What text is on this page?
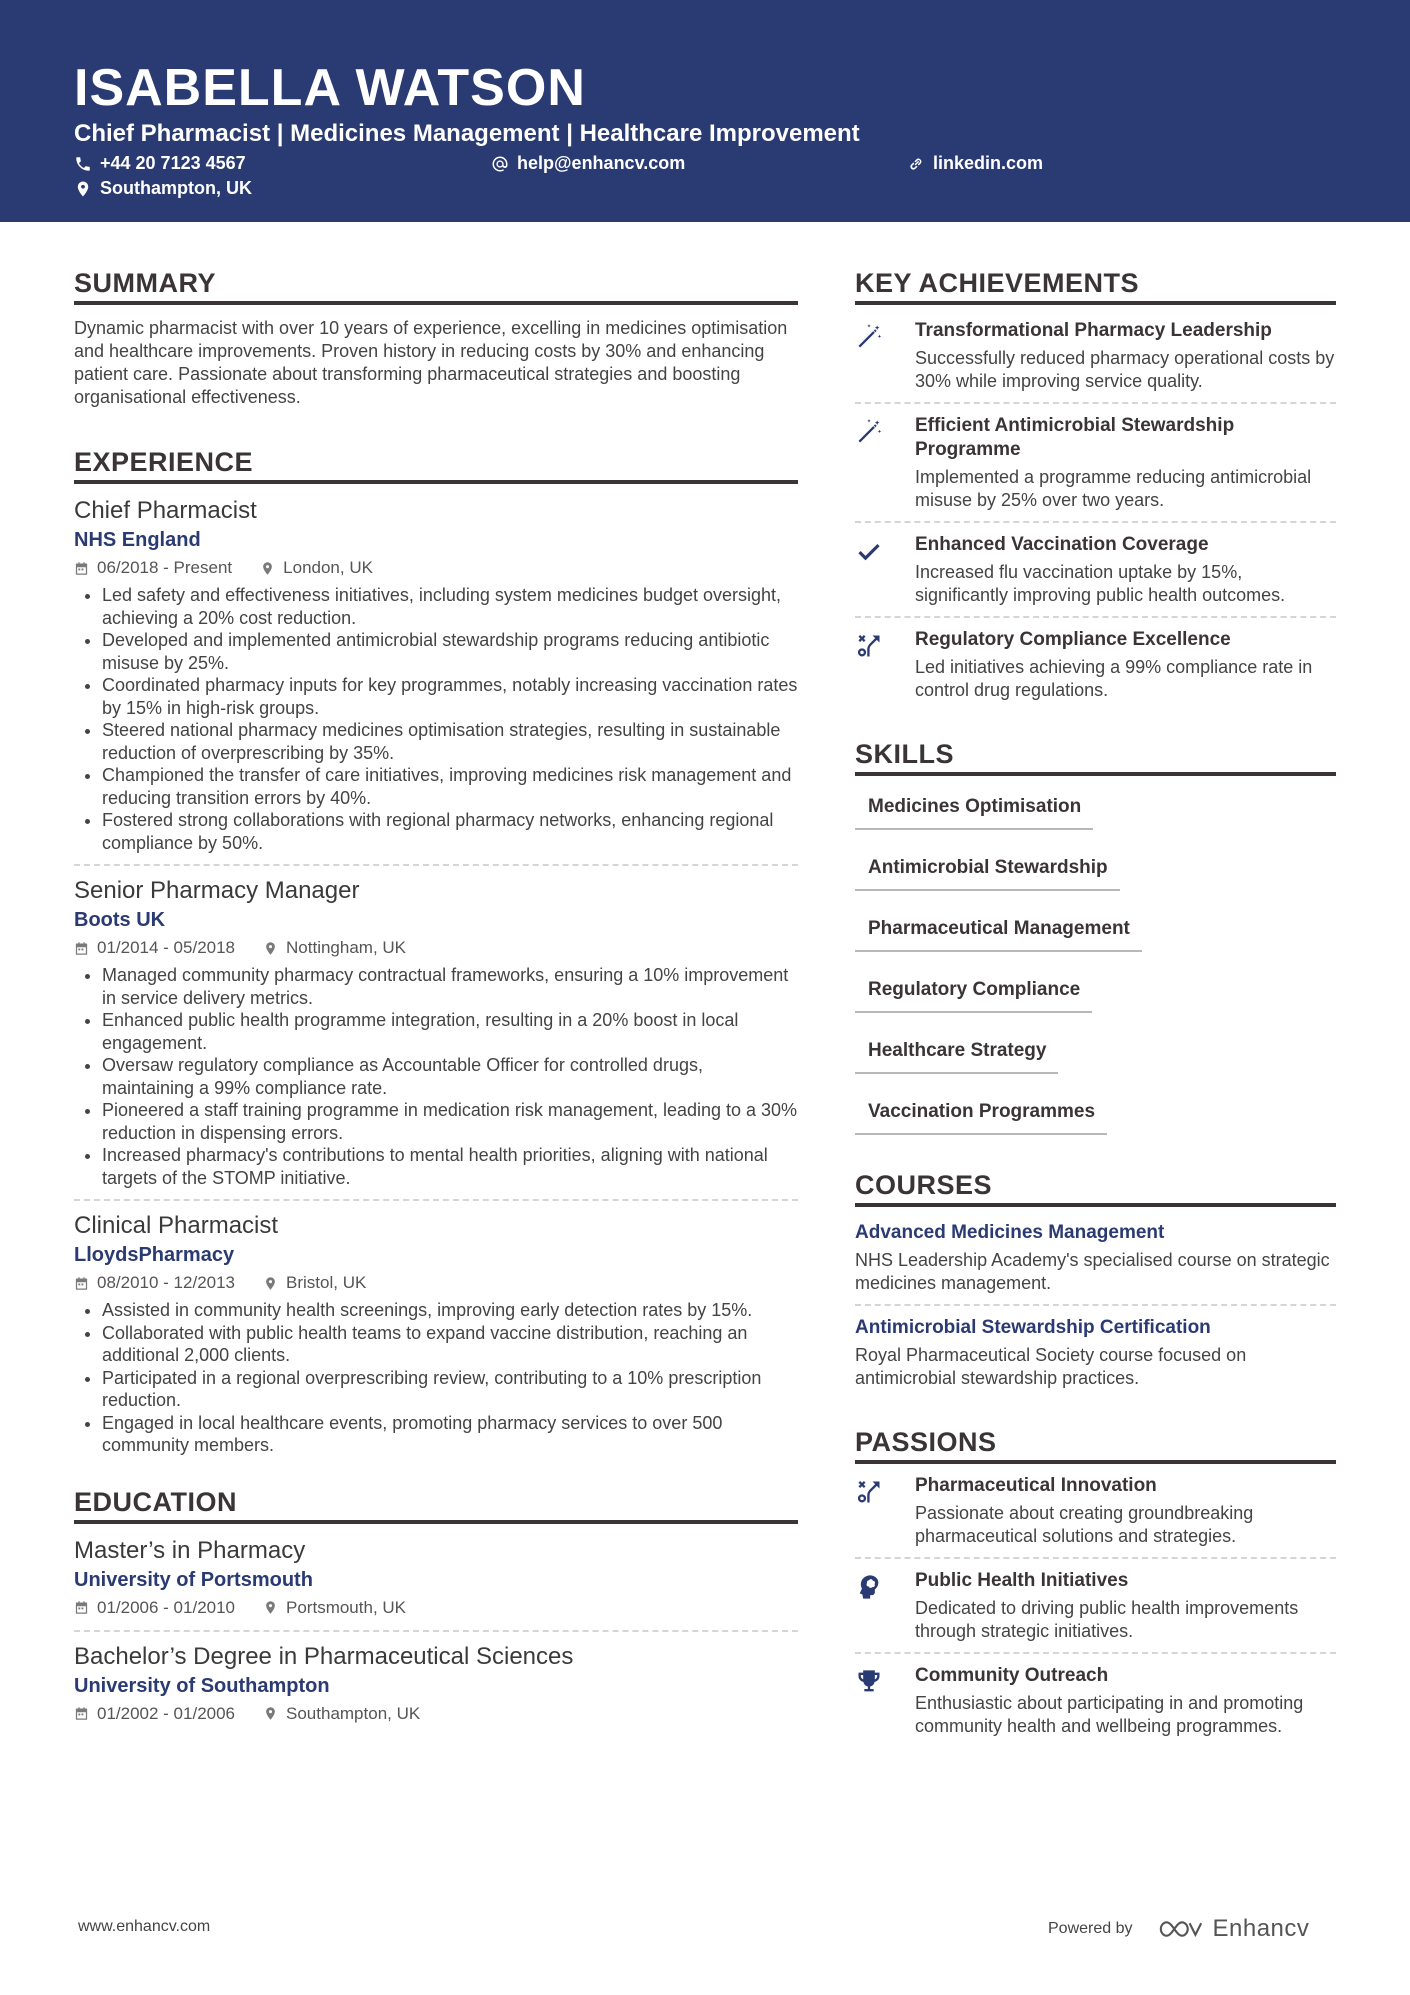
ISABELLA WATSON
Chief Pharmacist | Medicines Management | Healthcare Improvement
+44 20 7123 4567	help@enhancv.com	linkedin.com
Southampton, UK
SUMMARY
Dynamic pharmacist with over 10 years of experience, excelling in medicines optimisation and healthcare improvements. Proven history in reducing costs by 30% and enhancing patient care. Passionate about transforming pharmaceutical strategies and boosting organisational effectiveness.
EXPERIENCE
Chief Pharmacist
NHS England
06/2018 - Present	London, UK
• Led safety and effectiveness initiatives, including system medicines budget oversight, achieving a 20% cost reduction.
• Developed and implemented antimicrobial stewardship programs reducing antibiotic misuse by 25%.
• Coordinated pharmacy inputs for key programmes, notably increasing vaccination rates by 15% in high-risk groups.
• Steered national pharmacy medicines optimisation strategies, resulting in sustainable reduction of overprescribing by 35%.
• Championed the transfer of care initiatives, improving medicines risk management and reducing transition errors by 40%.
• Fostered strong collaborations with regional pharmacy networks, enhancing regional compliance by 50%.
Senior Pharmacy Manager
Boots UK
01/2014 - 05/2018	Nottingham, UK
• Managed community pharmacy contractual frameworks, ensuring a 10% improvement in service delivery metrics.
• Enhanced public health programme integration, resulting in a 20% boost in local engagement.
• Oversaw regulatory compliance as Accountable Officer for controlled drugs, maintaining a 99% compliance rate.
• Pioneered a staff training programme in medication risk management, leading to a 30% reduction in dispensing errors.
• Increased pharmacy's contributions to mental health priorities, aligning with national targets of the STOMP initiative.
Clinical Pharmacist
LloydsPharmacy
08/2010 - 12/2013	Bristol, UK
• Assisted in community health screenings, improving early detection rates by 15%.
• Collaborated with public health teams to expand vaccine distribution, reaching an additional 2,000 clients.
• Participated in a regional overprescribing review, contributing to a 10% prescription reduction.
• Engaged in local healthcare events, promoting pharmacy services to over 500 community members.
EDUCATION
Master’s in Pharmacy
University of Portsmouth
01/2006 - 01/2010	Portsmouth, UK
Bachelor’s Degree in Pharmaceutical Sciences
University of Southampton
01/2002 - 01/2006	Southampton, UK
KEY ACHIEVEMENTS
Transformational Pharmacy Leadership
Successfully reduced pharmacy operational costs by 30% while improving service quality.
Efficient Antimicrobial Stewardship Programme
Implemented a programme reducing antimicrobial misuse by 25% over two years.
Enhanced Vaccination Coverage
Increased flu vaccination uptake by 15%, significantly improving public health outcomes.
Regulatory Compliance Excellence
Led initiatives achieving a 99% compliance rate in control drug regulations.
SKILLS
Medicines Optimisation
Antimicrobial Stewardship
Pharmaceutical Management
Regulatory Compliance
Healthcare Strategy
Vaccination Programmes
COURSES
Advanced Medicines Management
NHS Leadership Academy's specialised course on strategic medicines management.
Antimicrobial Stewardship Certification
Royal Pharmaceutical Society course focused on antimicrobial stewardship practices.
PASSIONS
Pharmaceutical Innovation
Passionate about creating groundbreaking pharmaceutical solutions and strategies.
Public Health Initiatives
Dedicated to driving public health improvements through strategic initiatives.
Community Outreach
Enthusiastic about participating in and promoting community health and wellbeing programmes.
www.enhancv.com	Powered by	Enhancv
